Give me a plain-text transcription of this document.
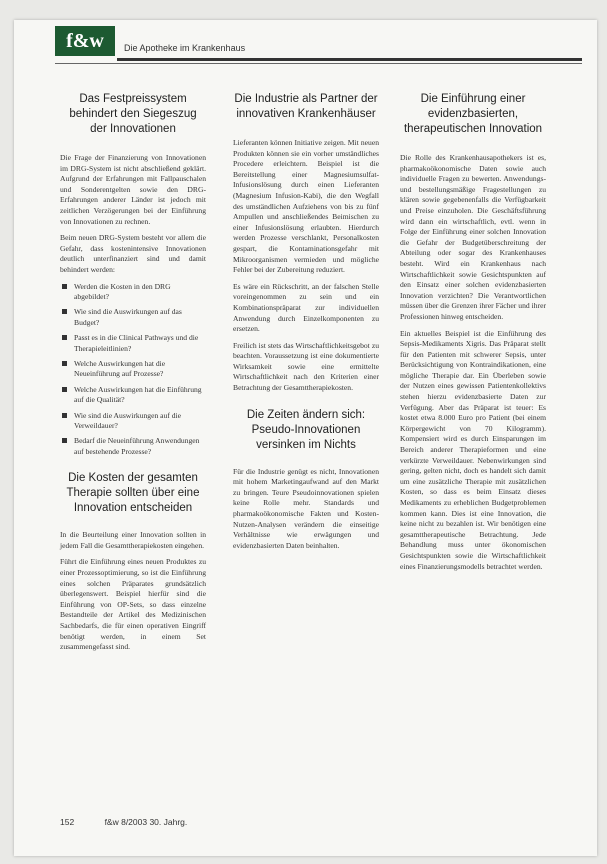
f&w	Die Apotheke im Krankenhaus
Das Festpreissystem behindert den Siegeszug der Innovationen

Die Frage der Finanzierung von Innovationen im DRG-System ist nicht abschließend geklärt. Aufgrund der Erfahrungen mit Fallpauschalen und Sonderentgelten sowie den DRG-Erfahrungen anderer Länder ist jedoch mit zeitlichen Verzögerungen bei der Einführung von Innovationen zu rechnen.

Beim neuen DRG-System besteht vor allem die Gefahr, dass kostenintensive Innovationen deutlich unterfinanziert sind und damit behindert werden:

Werden die Kosten in den DRG abgebildet?
Wie sind die Auswirkungen auf das Budget?
Passt es in die Clinical Pathways und die Therapieleitlinien?
Welche Auswirkungen hat die Neueinführung auf Prozesse?
Welche Auswirkungen hat die Einführung auf die Qualität?
Wie sind die Auswirkungen auf die Verweildauer?
Bedarf die Neueinführung Anwendungen auf bestehende Prozesse?
Die Kosten der gesamten Therapie sollten über eine Innovation entscheiden

In die Beurteilung einer Innovation sollten in jedem Fall die Gesamttherapiekosten eingehen.

Führt die Einführung eines neuen Produktes zu einer Prozessoptimierung, so ist die Einführung eines solchen Präparates grundsätzlich überlegenswert. Beispiel hierfür sind die Einführung von OP-Sets, so dass einzelne Bestandteile der Artikel des Medizinischen Sachbedarfs, die für einen operativen Eingriff benötigt werden, in einem Set zusammengefasst sind.

Die Industrie als Partner der innovativen Krankenhäuser

Lieferanten können Initiative zeigen. Mit neuen Produkten können sie ein vorher umständliches Procedere erleichtern. Beispiel ist die Bereitstellung einer Magnesiumsulfat-Infusionslösung durch einen Lieferanten (Magnesium Infusion-Kabi), die den Wegfall des umständlichen Aufziehens von bis zu fünf Ampullen und anschließendes Beimischen zu einer Infusionslösung erlaubten. Hierdurch werden Prozesse verschlankt, Personalkosten gespart, die Kontaminationsgefahr mit Mikroorganismen vermieden und mögliche Fehler bei der Zubereitung reduziert.

Es wäre ein Rückschritt, an der falschen Stelle voreingenommen zu sein und ein Kombinationspräparat zur individuellen Anwendung durch Einzelkomponenten zu ersetzen.

Freilich ist stets das Wirtschaftlichkeitsgebot zu beachten. Voraussetzung ist eine dokumentierte Wirksamkeit sowie eine ermittelte Wirtschaftlichkeit nach den Kriterien einer Betrachtung der Gesamttherapiekosten.

Die Zeiten ändern sich: Pseudo-Innovationen versinken im Nichts

Für die Industrie genügt es nicht, Innovationen mit hohem Marketingaufwand auf den Markt zu bringen. Teure Pseudoinnovationen spielen keine Rolle mehr. Standards und pharmakoökonomische Fakten und Kosten-Nutzen-Analysen verändern die einseitige Verhältnisse wie erwägungen und evidenzbasierten Daten beinhalten.

Die Einführung einer evidenzbasierten, therapeutischen Innovation

Die Rolle des Krankenhausapothekers ist es, pharmakoökonomische Daten sowie auch individuelle Fragen zu bewerten. Anwendungs- und bestellungsmäßige Fragestellungen zu klären sowie gegebenenfalls die Verfügbarkeit und Preise einzuholen. Die Geschäftsführung wird dann ein wirtschaftlich, evtl. wenn in Folge der Einführung einer solchen Innovation die Gefahr der Budgetüberschreitung der Abteilung oder sogar des Krankenhauses besteht. Wird ein Krankenhaus nach Wirtschaftlichkeit sowie Gesichtspunkten auf den Einsatz einer solchen evidenzbasierten Innovation verzichten? Die Verantwortlichen müssen über die Grenzen ihrer Fächer und ihrer Professionen hinweg entscheiden.

Ein aktuelles Beispiel ist die Einführung des Sepsis-Medikaments Xigris. Das Präparat stellt für den Patienten mit schwerer Sepsis, unter Berücksichtigung von Kontraindikationen, eine mögliche Therapie dar. Ein Überleben sowie der Nutzen eines gewissen Patientenkollektivs stehen hierzu evidenzbasierte Daten zur Verfügung. Aber das Präparat ist teuer: Es kostet etwa 8.000 Euro pro Patient (bei einem Körpergewicht von 70 Kilogramm). Kompensiert wird es durch Einsparungen im Bereich anderer Therapieformen und eine verkürzte Verweildauer. Nebenwirkungen sind gering, gelten nicht, doch es handelt sich damit um eine zusätzliche Therapie mit zusätzlichen Kosten, so dass es beim Einsatz dieses Medikaments zu erheblichen Budgetproblemen kommen kann. Dies ist eine Innovation, die keine nicht zu bezahlen ist. Wir benötigen eine gesamttherapeutische Betrachtung. Jede Behandlung muss unter ökonomischen Gesichtspunkten sowie die Wirtschaftlichkeit eines Finanzierungsmodells betrachtet werden.

152	f&w 8/2003 30. Jahrg.
